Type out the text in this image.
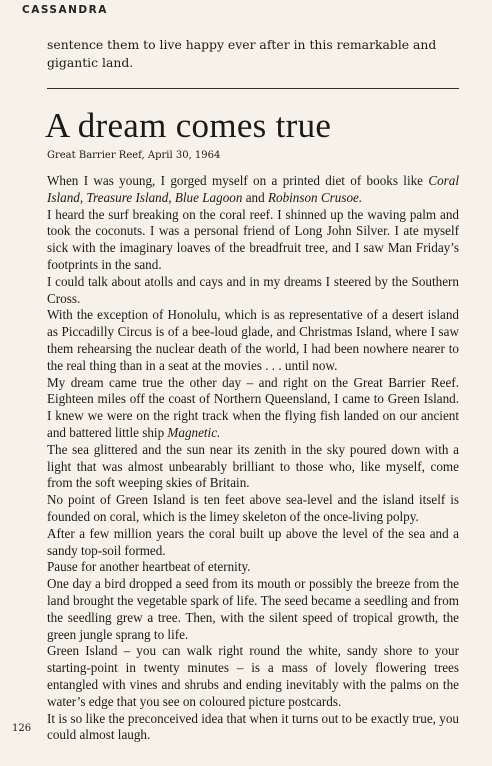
CASSANDRA

sentence them to live happy ever after in this remarkable and gigantic land.

A dream comes true

Great Barrier Reef, April 30, 1964

When I was young, I gorged myself on a printed diet of books like Coral Island, Treasure Island, Blue Lagoon and Robinson Crusoe.

I heard the surf breaking on the coral reef. I shinned up the waving palm and took the coconuts. I was a personal friend of Long John Silver. I ate myself sick with the imaginary loaves of the breadfruit tree, and I saw Man Friday’s footprints in the sand.

I could talk about atolls and cays and in my dreams I steered by the Southern Cross.

With the exception of Honolulu, which is as representative of a desert island as Piccadilly Circus is of a bee-loud glade, and Christmas Island, where I saw them rehearsing the nuclear death of the world, I had been nowhere nearer to the real thing than in a seat at the movies . . . until now.

My dream came true the other day – and right on the Great Barrier Reef. Eighteen miles off the coast of Northern Queensland, I came to Green Island. I knew we were on the right track when the flying fish landed on our ancient and battered little ship Magnetic.

The sea glittered and the sun near its zenith in the sky poured down with a light that was almost unbearably brilliant to those who, like myself, come from the soft weeping skies of Britain.

No point of Green Island is ten feet above sea-level and the island itself is founded on coral, which is the limey skeleton of the once-living polpy.

After a few million years the coral built up above the level of the sea and a sandy top-soil formed.

Pause for another heartbeat of eternity.

One day a bird dropped a seed from its mouth or possibly the breeze from the land brought the vegetable spark of life. The seed became a seedling and from the seedling grew a tree. Then, with the silent speed of tropical growth, the green jungle sprang to life.

Green Island – you can walk right round the white, sandy shore to your starting-point in twenty minutes – is a mass of lovely flowering trees entangled with vines and shrubs and ending inevitably with the palms on the water’s edge that you see on coloured picture postcards.

It is so like the preconceived idea that when it turns out to be exactly true, you could almost laugh.

126
